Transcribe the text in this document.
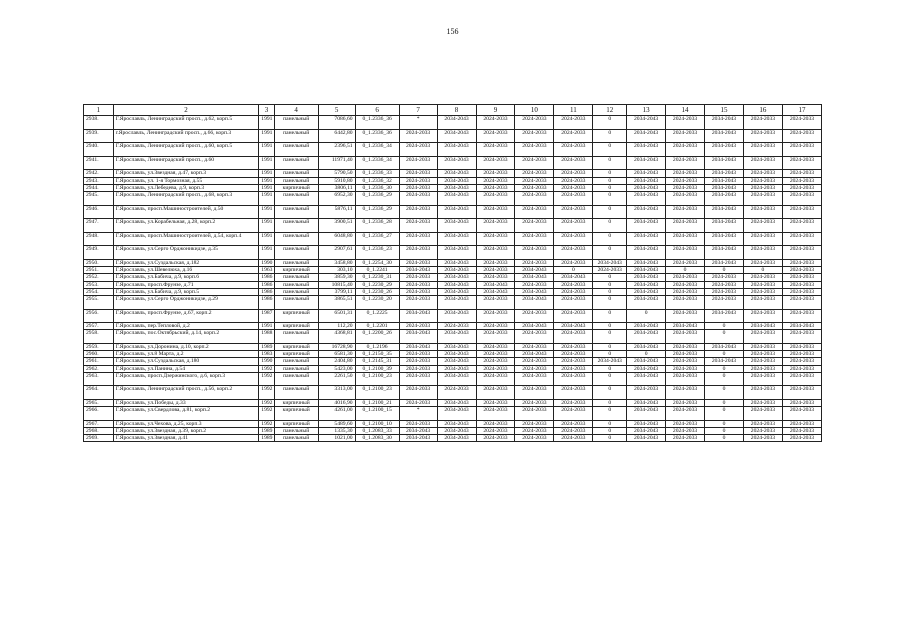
156
1	2	3	4	5	6	7	8	9	10	11	12	13	14	15	16	17
2938.	Г.Ярославль, Ленинградский просп., д.62, корп.5	1991	панельный	7086,60	0_1.2336_36	*	2034-2043	2024-2033	2024-2033	2024-2033	0	2034-2043	2024-2033	2034-2043	2024-2033	2024-2033
2939.	г.Ярославль, Ленинградский просп., д.66, корп.3	1991	панельный	6442,80	0_1.2336_36	2024-2033	2034-2043	2024-2033	2024-2033	2024-2033	0	2034-2043	2024-2033	2034-2043	2024-2033	2024-2033
2940.	Г.Ярославль, Ленинградский просп., д.60, корп.5	1991	панельный	2396,51	0_1.2336_34	2024-2033	2034-2043	2024-2033	2024-2033	2024-2033	0	2034-2043	2024-2033	2034-2043	2024-2033	2024-2033
2941.	Г.Ярославль, Ленинградский просп., д.60	1991	панельный	11971,40	0_1.2336_34	2024-2033	2034-2043	2024-2033	2024-2033	2024-2033	0	2034-2043	2024-2033	2034-2043	2024-2033	2024-2033
2942.	Г.Ярославль, ул.Звездная, д.47, корп.3	1991	панельный	5790,50	0_1.2336_33	2024-2033	2034-2043	2024-2033	2024-2033	2024-2033	0	2034-2043	2024-2033	2034-2043	2024-2033	2024-2033
2943.	Г.Ярославль, ул. 1-я Тормозная, д.55	1991	панельный	5910,80	0_1.2336_32	2024-2033	2034-2043	2024-2033	2024-2033	2024-2033	0	2034-2043	2024-2033	2034-2043	2024-2033	2024-2033
2944.	Г.Ярославль, ул.Лебедева, д.9, корп.3	1991	кирпичный	3806,11	0_1.2336_30	2024-2033	2034-2043	2024-2033	2024-2033	2024-2033	0	2034-2043	2024-2033	2034-2043	2024-2033	2024-2033
2945.	Г.Ярославль, Ленинградский просп., д.68, корп.3	1991	панельный	6952,30	0_1.2336_29	2024-2033	2034-2043	2024-2033	2024-2033	2024-2033	0	2034-2043	2024-2033	2034-2043	2024-2033	2024-2033
2946.	Г.Ярославль, просп.Машиностроителей, д.50	1991	панельный	5876,11	0_1.2336_29	2024-2033	2034-2043	2024-2033	2024-2033	2024-2033	0	2034-2043	2024-2033	2034-2043	2024-2033	2024-2033
2947.	Г.Ярославль, ул.Корабельная, д.28, корп.2	1991	панельный	3900,51	0_1.2336_28	2024-2033	2034-2043	2024-2033	2024-2033	2024-2033	0	2034-2043	2024-2033	2034-2043	2024-2033	2024-2033
2948.	Г.Ярославль, просп.Машиностроителей, д.54, корп.4	1991	панельный	6048,80	0_1.2336_27	2024-2033	2034-2043	2024-2033	2024-2033	2024-2033	0	2034-2043	2024-2033	2034-2043	2024-2033	2024-2033
2949.	Г.Ярославль, ул.Серго Орджоникидзе, д.35	1991	панельный	2907,61	0_1.2336_23	2024-2033	2034-2043	2024-2033	2024-2033	2024-2033	0	2034-2043	2024-2033	2034-2043	2024-2033	2024-2033
2950.	Г.Ярославль, ул.Суздальская, д.182	1990	панельный	3458,80	0_1.2254_30	2024-2033	2034-2043	2024-2033	2024-2033	2024-2033	2034-2043	2034-2043	2024-2033	2034-2043	2024-2033	2024-2033
2951.	Г.Ярославль, ул.Шевелюха, д.16	1963	кирпичный	303,10	0_1.2241	2034-2043	2034-2043	2024-2033	2034-2043	0	2024-2033	2034-2043	0	0	0	2024-2033
2952.	Г.Ярославль, ул.Бабича, д.9, корп.6	1986	панельный	3859,30	0_1.2230_31	2024-2033	2034-2043	2024-2033	2034-2043	2034-2043	0	2034-2043	2024-2033	2024-2033	2024-2033	2024-2033
2953.	Г.Ярославль, просп.Фрунзе, д.71	1986	панельный	10815,40	0_1.2230_29	2024-2033	2034-2043	2034-2043	2024-2033	2024-2033	0	2034-2043	2024-2033	2024-2033	2024-2033	2024-2033
2954.	Г.Ярославль, ул.Бабича, д.9, корп.5	1986	панельный	3799,11	0_1.2230_26	2024-2033	2034-2043	2034-2043	2034-2043	2024-2033	0	2034-2043	2024-2033	2024-2033	2024-2033	2024-2033
2955.	Г.Ярославль, ул.Серго Орджоникидзе, д.29	1986	панельный	3865,51	0_1.2230_20	2024-2033	2034-2043	2024-2033	2034-2043	2024-2033	0	2034-2043	2024-2033	2024-2033	2024-2033	2024-2033
2956.	Г.Ярославль, просп.Фрунзе, д.67, корп.2	1987	кирпичный	6501,31	0_1.2225	2034-2043	2034-2043	2024-2033	2024-2033	2024-2033	0	0	2024-2033	2034-2043	2024-2033	2024-2033
2957.	Г.Ярославль, пер.Тепловой, д.2	1991	кирпичный	112,20	0_1.2201	2024-2033	2024-2033	2024-2033	2034-2043	2034-2043	0	2034-2043	2034-2043	0	2034-2043	2034-2043
2958.	Г.Ярославль, пос.Октябрьский, д.14, корп.2	1988	панельный	4368,81	0_1.2200_26	2034-2043	2034-2043	2024-2033	2024-2033	2024-2033	0	2034-2043	2024-2033	0	2024-2033	2024-2033
2959.	Г.Ярославль, ул.Доронина, д.10, корп.2	1989	кирпичный	16728,90	0_1.2196	2034-2043	2034-2043	2024-2033	2024-2033	2024-2033	0	2034-2043	2024-2033	2034-2043	2024-2033	2024-2033
2960.	Г.Ярославль, ул.8 Марта, д.2	1983	кирпичный	6581,30	0_1.2150_35	2024-2033	2034-2043	2024-2033	2034-2043	2024-2033	0	0	2024-2033	0	2024-2033	2024-2033
2961.	Г.Ярославль, ул.Суздальская, д.180	1990	панельный	2404,80	0_1.2145_31	2024-2033	2034-2043	2024-2033	2024-2033	2024-2033	2034-2043	2034-2043	2024-2033	2034-2043	2024-2033	2024-2033
2962.	Г.Ярославль, ул.Панина, д.54	1992	панельный	5423,00	0_1.2100_39	2024-2033	2034-2043	2024-2033	2024-2033	2024-2033	0	2034-2043	2024-2033	0	2024-2033	2024-2033
2963.	Г.Ярославль, просп.Дзержинского, д.6, корп.3	1992	панельный	2261,50	0_1.2100_23	2024-2033	2034-2043	2024-2033	2024-2033	2024-2033	0	2034-2043	2024-2033	0	2024-2033	2024-2033
2964.	Г.Ярославль, Ленинградский просп., д.56, корп.2	1992	панельный	3313,00	0_1.2100_23	2024-2033	2024-2033	2024-2033	2024-2033	2024-2033	0	2024-2033	2024-2033	0	2024-2033	2024-2033
2965.	Г.Ярославль, ул.Победы, д.33	1992	кирпичный	4016,90	0_1.2100_21	2024-2033	2034-2043	2024-2033	2024-2033	2024-2033	0	2034-2043	2024-2033	0	2024-2033	2024-2033
2966.	Г.Ярославль, ул.Свердлова, д.81, корп.2	1992	кирпичный	4261,00	0_1.2100_15	*	2034-2043	2024-2033	2024-2033	2024-2033	0	2034-2043	2024-2033	0	2024-2033	2024-2033
2967.	Г.Ярославль, ул.Чехова, д.25, корп.3	1992	кирпичный	5489,60	0_1.2100_10	2024-2033	2034-2043	2024-2033	2024-2033	2024-2033	0	2034-2043	2024-2033	0	2024-2033	2024-2033
2968.	Г.Ярославль, ул.Звездная, д.39, корп.2	1989	панельный	1335,30	0_1.2083_33	2034-2043	2034-2043	2024-2033	2024-2033	2024-2033	0	2034-2043	2024-2033	0	2024-2033	2024-2033
2969.	Г.Ярославль, ул.Звездная, д.41	1989	панельный	1021,00	0_1.2083_30	2034-2043	2034-2043	2024-2033	2024-2033	2024-2033	0	2034-2043	2024-2033	0	2024-2033	2024-2033
